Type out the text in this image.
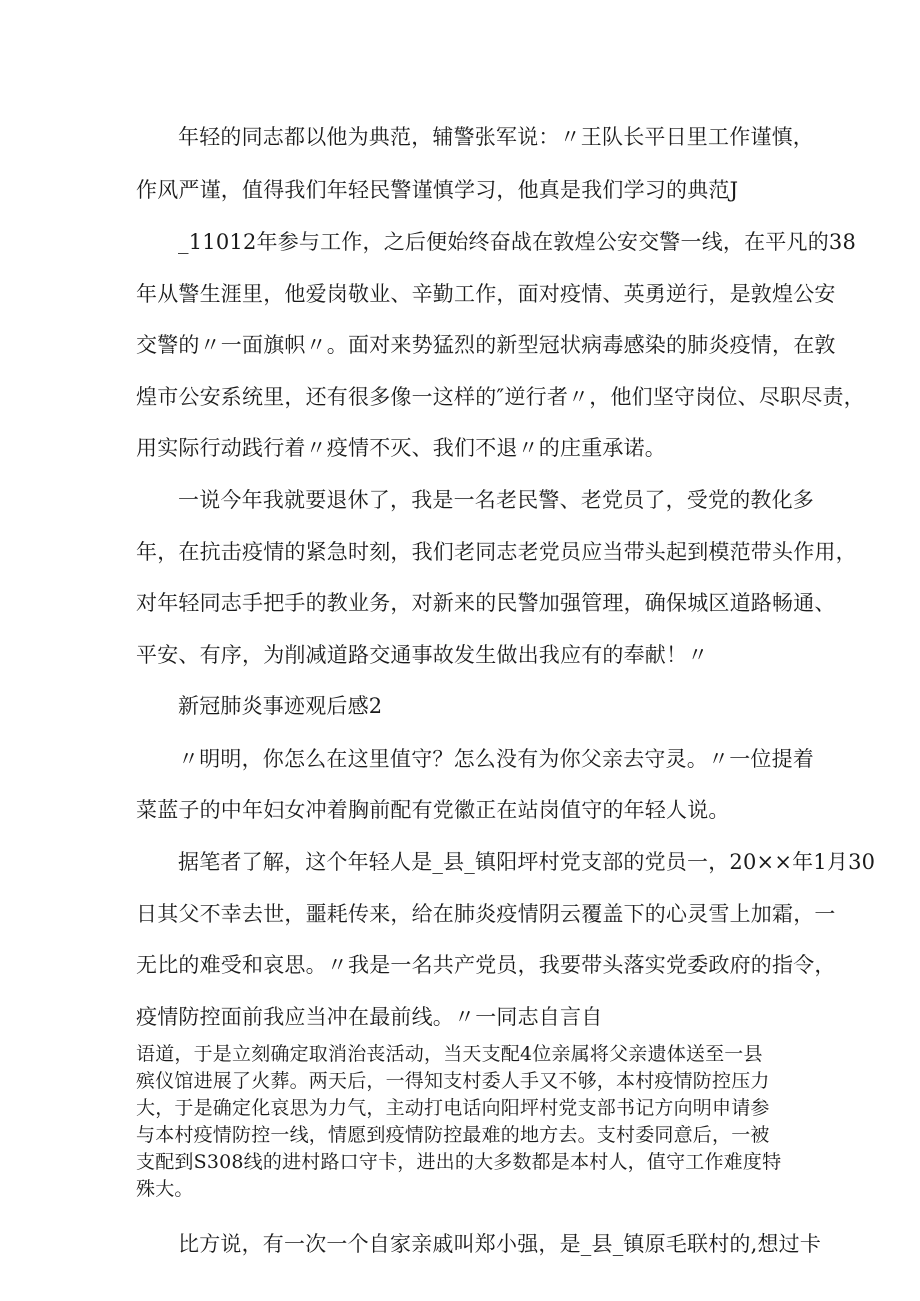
年轻的同志都以他为典范，辅警张军说：〃王队长平日里工作谨慎，
作风严谨，值得我们年轻民警谨慎学习，他真是我们学习的典范J
_11012年参与工作，之后便始终奋战在敦煌公安交警一线，在平凡的38
年从警生涯里，他爱岗敬业、辛勤工作，面对疫情、英勇逆行，是敦煌公安
交警的〃一面旗帜〃。面对来势猛烈的新型冠状病毒感染的肺炎疫情，在敦
煌市公安系统里，还有很多像一这样的″逆行者〃，他们坚守岗位、尽职尽责，
用实际行动践行着〃疫情不灭、我们不退〃的庄重承诺。
一说今年我就要退休了，我是一名老民警、老党员了，受党的教化多
年，在抗击疫情的紧急时刻，我们老同志老党员应当带头起到模范带头作用，
对年轻同志手把手的教业务，对新来的民警加强管理，确保城区道路畅通、
平安、有序，为削减道路交通事故发生做出我应有的奉献！〃
新冠肺炎事迹观后感2
〃明明，你怎么在这里值守？怎么没有为你父亲去守灵。〃一位提着
菜蓝子的中年妇女冲着胸前配有党徽正在站岗值守的年轻人说。
据笔者了解，这个年轻人是_县_镇阳坪村党支部的党员一，20××年1月30
日其父不幸去世，噩耗传来，给在肺炎疫情阴云覆盖下的心灵雪上加霜，一
无比的难受和哀思。〃我是一名共产党员，我要带头落实党委政府的指令，
疫情防控面前我应当冲在最前线。〃一同志自言自
语道，于是立刻确定取消治丧活动，当天支配4位亲属将父亲遗体送至一县
殡仪馆进展了火葬。两天后，一得知支村委人手又不够，本村疫情防控压力
大，于是确定化哀思为力气，主动打电话向阳坪村党支部书记方向明申请参
与本村疫情防控一线，情愿到疫情防控最难的地方去。支村委同意后，一被
支配到S308线的进村路口守卡，进出的大多数都是本村人，值守工作难度特
殊大。
比方说，有一次一个自家亲戚叫郑小强，是_县_镇原毛联村的,想过卡
